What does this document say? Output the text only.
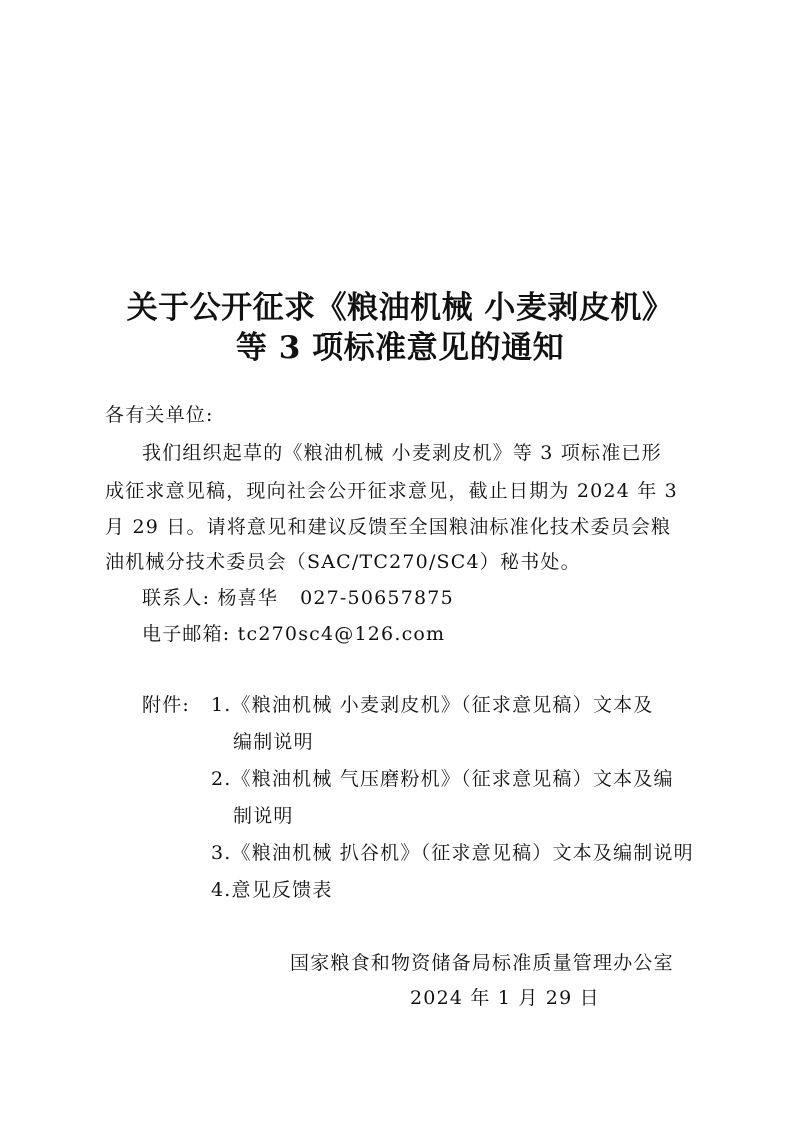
关于公开征求《粮油机械 小麦剥皮机》
等 3 项标准意见的通知
各有关单位:
我们组织起草的《粮油机械 小麦剥皮机》等 3 项标准已形
成征求意见稿，现向社会公开征求意见，截止日期为 2024 年 3
月 29 日。请将意见和建议反馈至全国粮油标准化技术委员会粮
油机械分技术委员会（SAC/TC270/SC4）秘书处。
联系人: 杨喜华 027-50657875
电子邮箱: tc270sc4@126.com
附件: 1.《粮油机械 小麦剥皮机》（征求意见稿）文本及
编制说明
2.《粮油机械 气压磨粉机》（征求意见稿）文本及编
制说明
3.《粮油机械 扒谷机》（征求意见稿）文本及编制说明
4.意见反馈表
国家粮食和物资储备局标准质量管理办公室
2024 年 1 月 29 日
